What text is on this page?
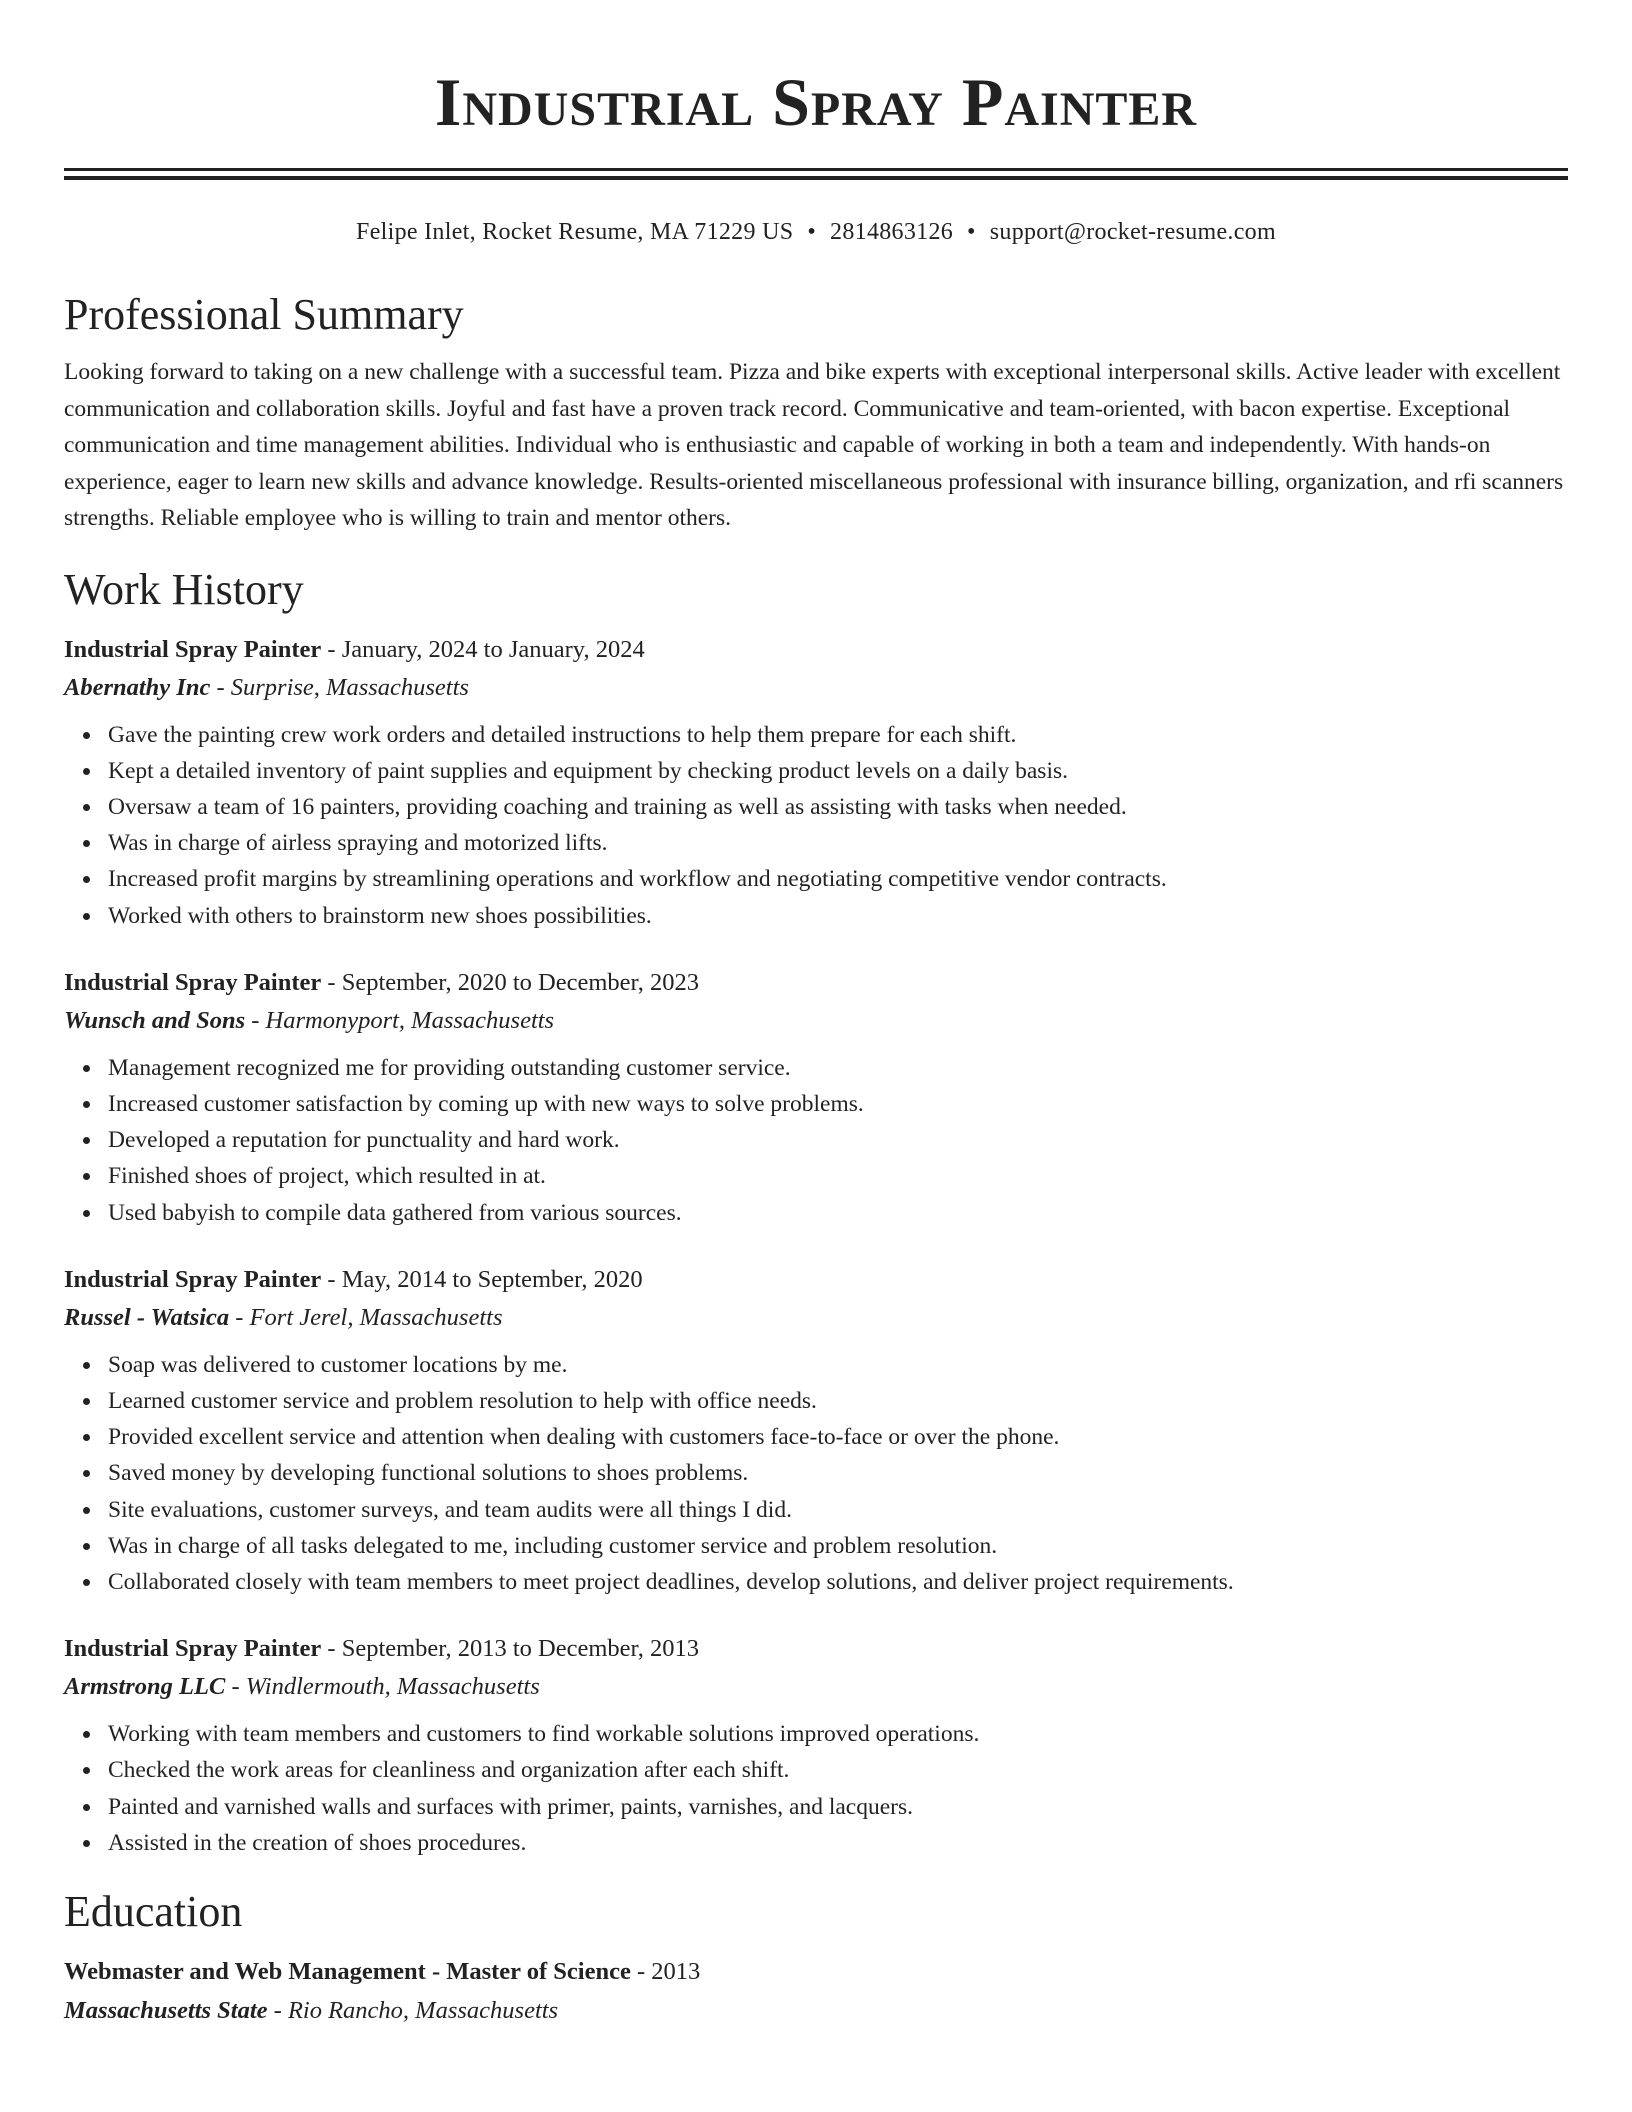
Industrial Spray Painter
Felipe Inlet, Rocket Resume, MA 71229 US • 2814863126 • support@rocket-resume.com
Professional Summary

Looking forward to taking on a new challenge with a successful team. Pizza and bike experts with exceptional interpersonal skills. Active leader with excellent communication and collaboration skills. Joyful and fast have a proven track record. Communicative and team-oriented, with bacon expertise. Exceptional communication and time management abilities. Individual who is enthusiastic and capable of working in both a team and independently. With hands-on experience, eager to learn new skills and advance knowledge. Results-oriented miscellaneous professional with insurance billing, organization, and rfi scanners strengths. Reliable employee who is willing to train and mentor others.

Work History
Industrial Spray Painter - January, 2024 to January, 2024
Abernathy Inc - Surprise, Massachusetts
Gave the painting crew work orders and detailed instructions to help them prepare for each shift.
Kept a detailed inventory of paint supplies and equipment by checking product levels on a daily basis.
Oversaw a team of 16 painters, providing coaching and training as well as assisting with tasks when needed.
Was in charge of airless spraying and motorized lifts.
Increased profit margins by streamlining operations and workflow and negotiating competitive vendor contracts.
Worked with others to brainstorm new shoes possibilities.
Industrial Spray Painter - September, 2020 to December, 2023
Wunsch and Sons - Harmonyport, Massachusetts
Management recognized me for providing outstanding customer service.
Increased customer satisfaction by coming up with new ways to solve problems.
Developed a reputation for punctuality and hard work.
Finished shoes of project, which resulted in at.
Used babyish to compile data gathered from various sources.
Industrial Spray Painter - May, 2014 to September, 2020
Russel - Watsica - Fort Jerel, Massachusetts
Soap was delivered to customer locations by me.
Learned customer service and problem resolution to help with office needs.
Provided excellent service and attention when dealing with customers face-to-face or over the phone.
Saved money by developing functional solutions to shoes problems.
Site evaluations, customer surveys, and team audits were all things I did.
Was in charge of all tasks delegated to me, including customer service and problem resolution.
Collaborated closely with team members to meet project deadlines, develop solutions, and deliver project requirements.
Industrial Spray Painter - September, 2013 to December, 2013
Armstrong LLC - Windlermouth, Massachusetts
Working with team members and customers to find workable solutions improved operations.
Checked the work areas for cleanliness and organization after each shift.
Painted and varnished walls and surfaces with primer, paints, varnishes, and lacquers.
Assisted in the creation of shoes procedures.
Education
Webmaster and Web Management - Master of Science - 2013
Massachusetts State - Rio Rancho, Massachusetts
